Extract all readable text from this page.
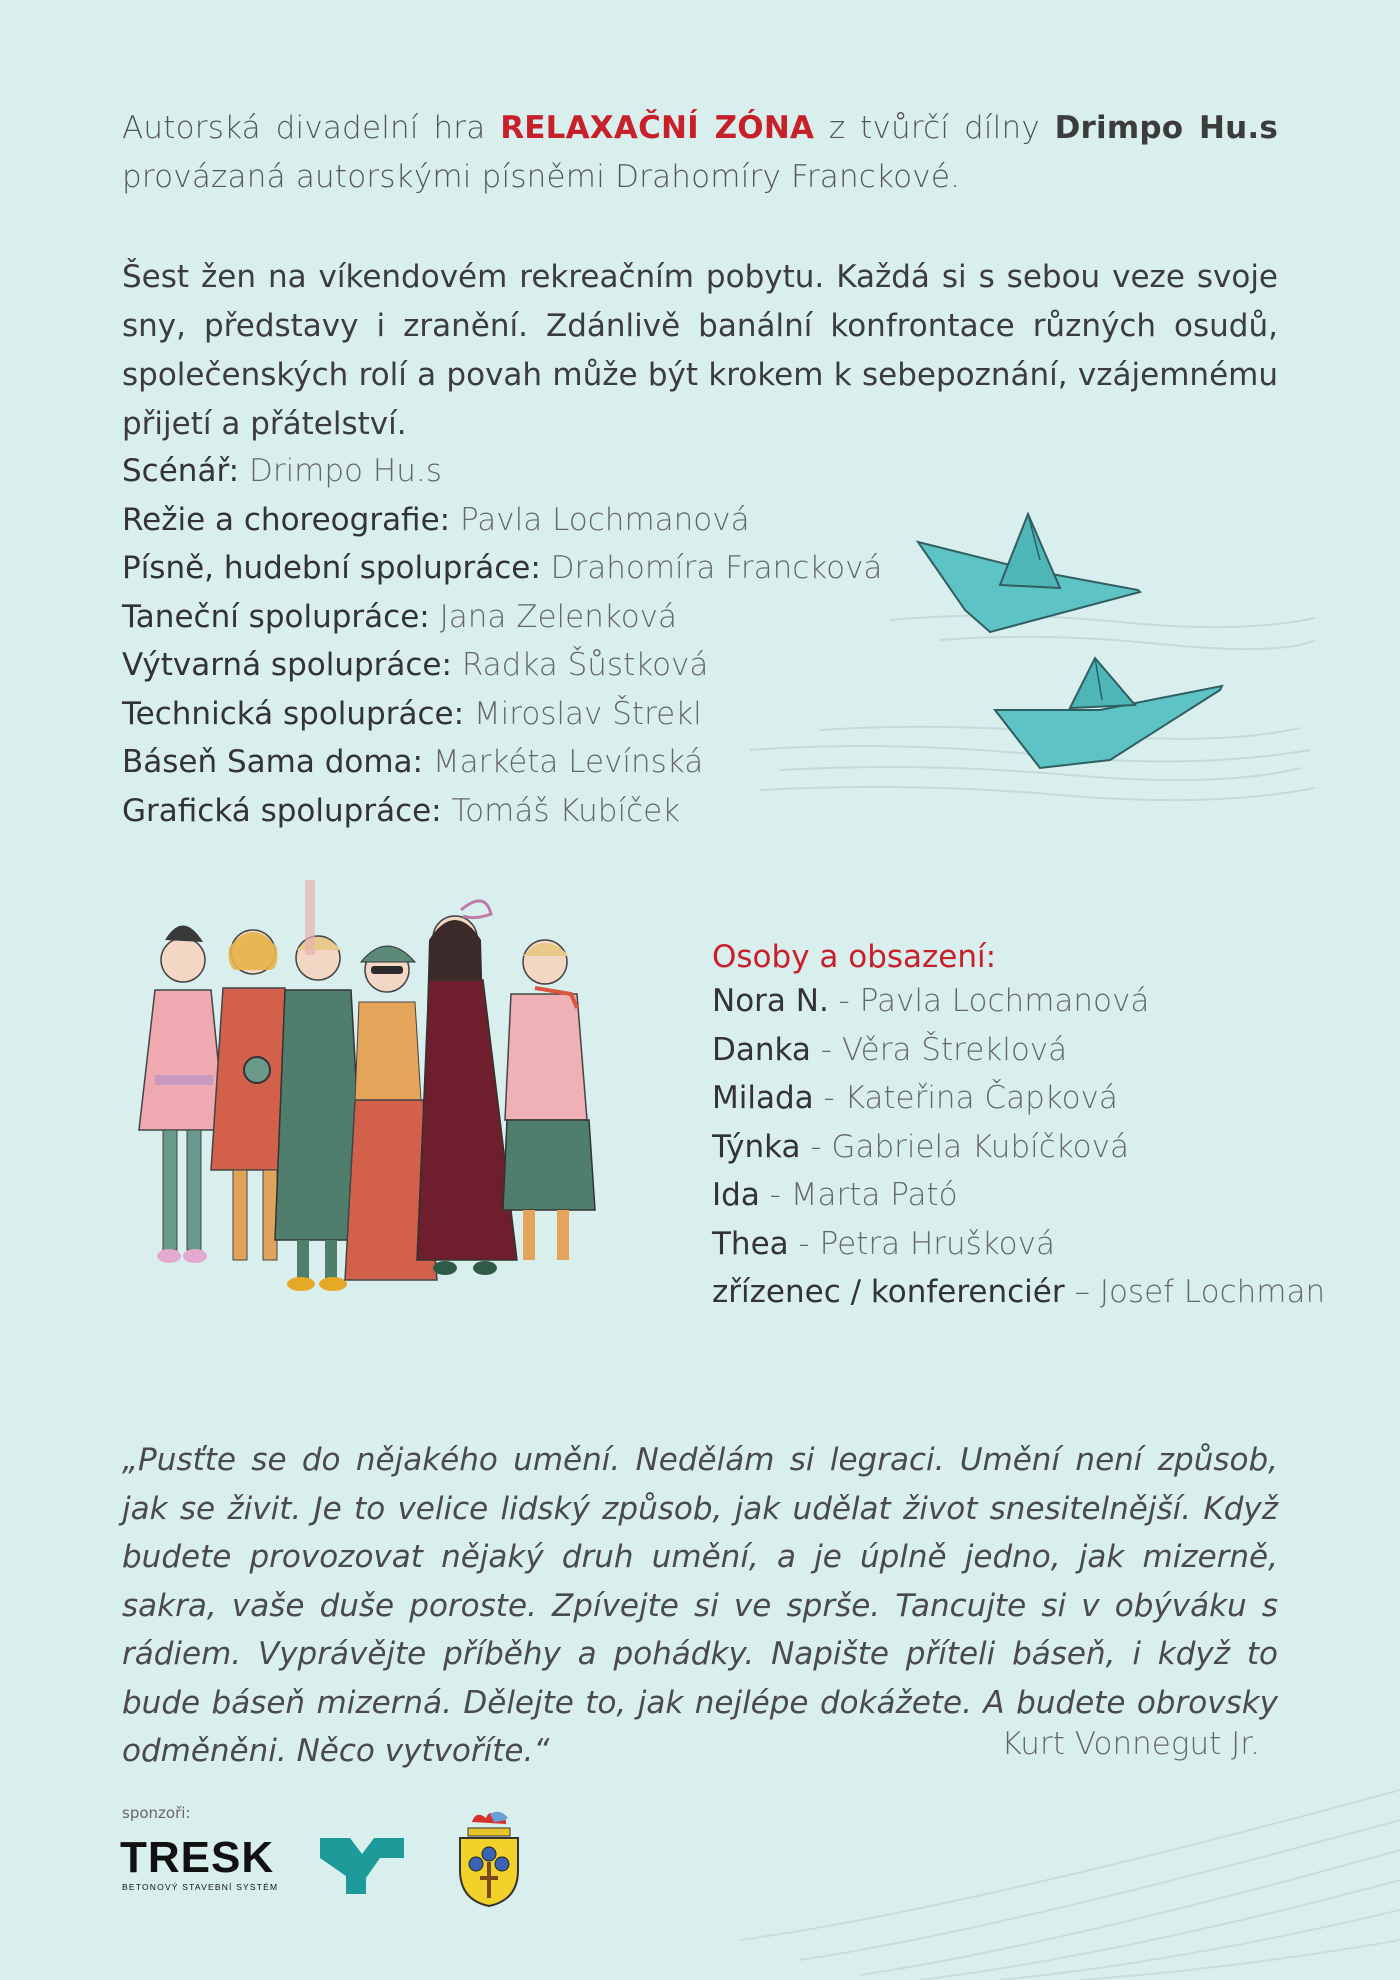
Autorská divadelní hra RELAXAČNÍ ZÓNA z tvůrčí dílny Drimpo Hu.s provázaná autorskými písněmi Drahomíry Franckové.

Šest žen na víkendovém rekreačním pobytu. Každá si s sebou veze svoje sny, představy i zranění. Zdánlivě banální konfrontace různých osudů, společenských rolí a povah může být krokem k sebepoznání, vzájemnému přijetí a přátelství.

Scénář: Drimpo Hu.s
Režie a choreografie: Pavla Lochmanová
Písně, hudební spolupráce: Drahomíra Francková
Taneční spolupráce: Jana Zelenková
Výtvarná spolupráce: Radka Šůstková
Technická spolupráce: Miroslav Štrekl
Báseň Sama doma: Markéta Levínská
Grafická spolupráce: Tomáš Kubíček
Osoby a obsazení:
Nora N. - Pavla Lochmanová
Danka - Věra Štreklová
Milada - Kateřina Čapková
Týnka - Gabriela Kubíčková
Ida - Marta Pató
Thea - Petra Hrušková
zřízenec / konferenciér – Josef Lochman

„Pusťte se do nějakého umění. Nedělám si legraci. Umění není způsob, jak se živit. Je to velice lidský způsob, jak udělat život snesitelnější. Když budete provozovat nějaký druh umění, a je úplně jedno, jak mizerně, sakra, vaše duše poroste. Zpívejte si ve sprše. Tancujte si v obýváku s rádiem. Vyprávějte příběhy a pohádky. Napište příteli báseň, i když to bude báseň mizerná. Dělejte to, jak nejlépe dokážete. A budete obrovsky odměněni. Něco vytvoříte.“	Kurt Vonnegut Jr.
sponzoři:
TRESK
BETONOVÝ STAVEBNÍ SYSTÉM
